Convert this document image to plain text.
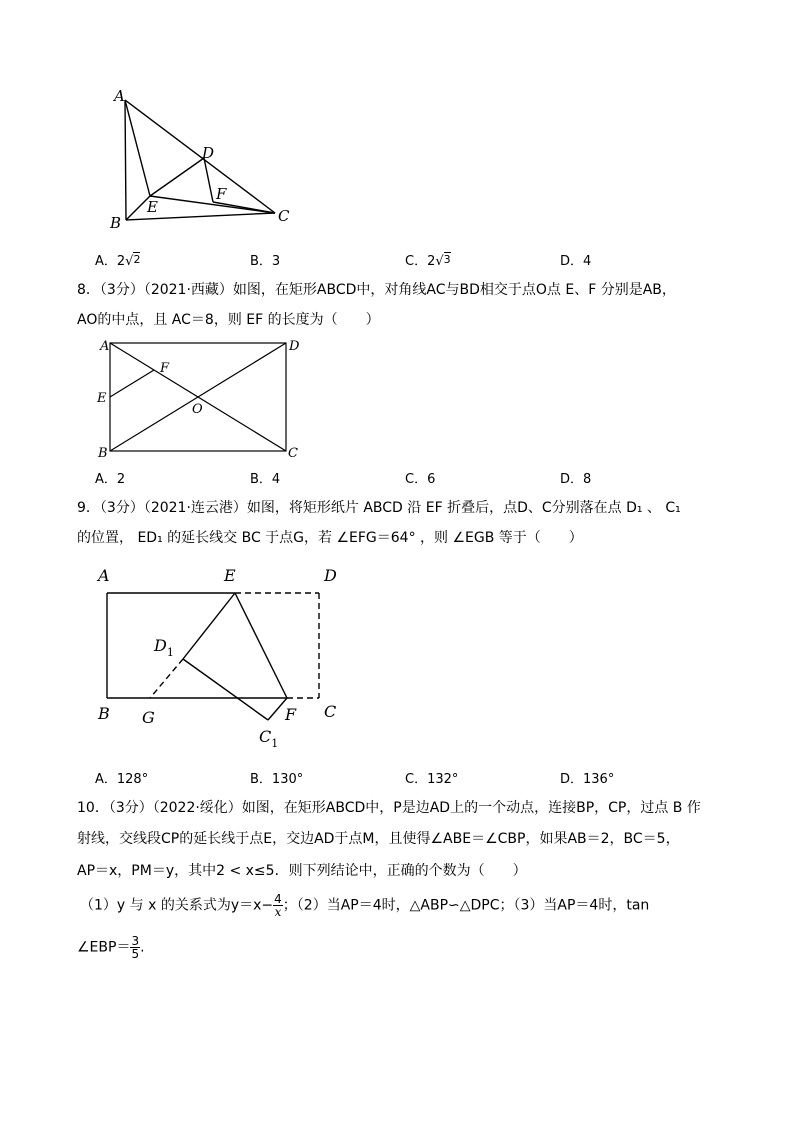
A
B	C
D
E
F
A．2√2	B．3	C．2√3	D．4
8．（3分）（2021·西藏）如图，在矩形ABCD中，对角线AC与BD相交于点O点 E、F 分别是AB，
AO的中点，且 AC＝8，则 EF 的长度为（　　）
A
B	C
D
E
F
O
A．2	B．4	C．6	D．8
9．（3分）（2021·连云港）如图，将矩形纸片 ABCD 沿 EF 折叠后，点D、C分别落在点 D₁ 、 C₁
的位置， ED₁ 的延长线交 BC 于点G，若 ∠EFG＝64° ，则 ∠EGB 等于（　　）
A	E	D
$D_1$
B G	F C
$C_1$
A．128°	B．130°	C．132°	D．136°
10．（3分）（2022·绥化）如图，在矩形ABCD中，P是边AD上的一个动点，连接BP，CP，过点 B 作
射线，交线段CP的延长线于点E，交边AD于点M，且使得∠ABE＝∠CBP，如果AB＝2，BC＝5，
AP＝x，PM＝y，其中2 < x≤5．则下列结论中，正确的个数为（　　）
（1）y 与 x 的关系式为$y=x- \frac{4}{x}$ ；（2）当AP＝4时，△ABP∽△DPC；（3）当AP＝4时，tan
∠EBP＝ $\frac{3}{5}$ .
